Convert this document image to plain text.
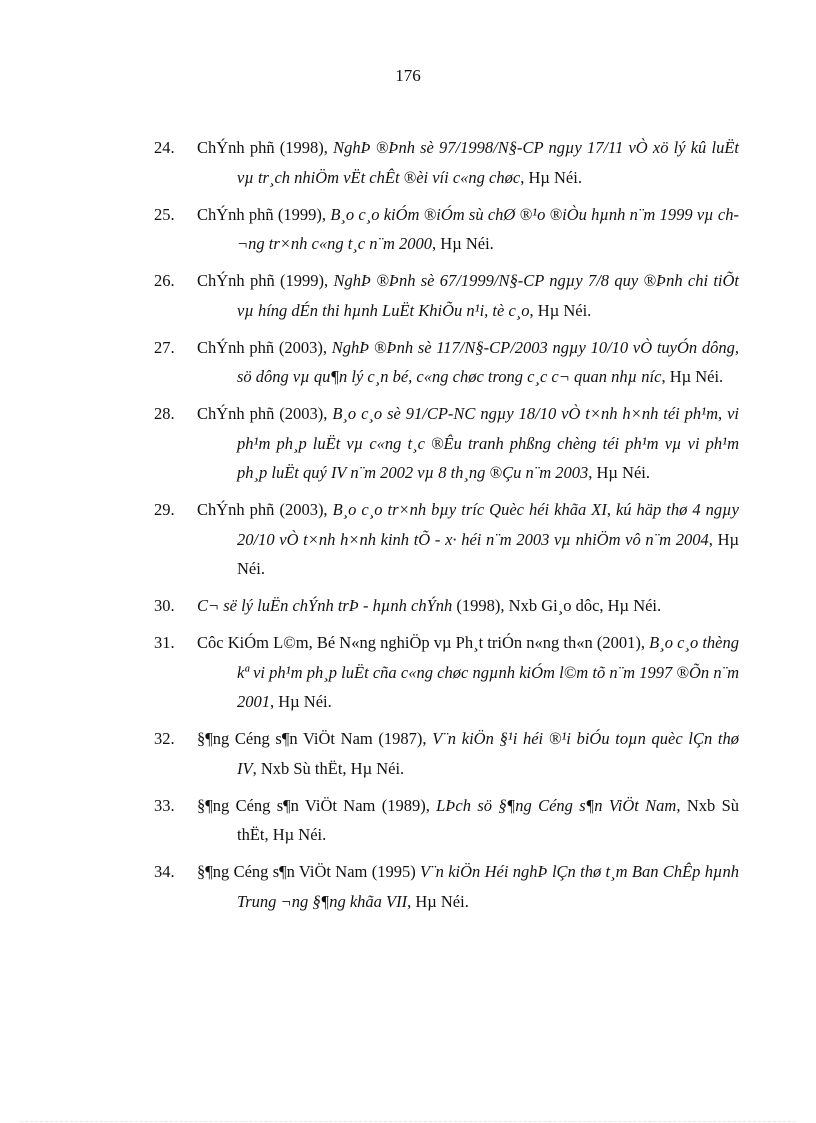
176
24.	ChÝnh phñ (1998), NghÞ ®Þnh sè 97/1998/N§-CP ngµy 17/11 vÒ xö lý kû luËt vµ tr¸ch nhiÖm vËt chÊt ®èi víi c«ng chøc, Hµ Néi.
25.	ChÝnh phñ (1999), B¸o c¸o kiÓm ®iÓm sù chØ ®¹o ®iÒu hµnh n¨m 1999 vµ ch¬ng tr×nh c«ng t¸c n¨m 2000, Hµ Néi.
26.	ChÝnh phñ (1999), NghÞ ®Þnh sè 67/1999/N§-CP ngµy 7/8 quy ®Þnh chi tiÕt vµ híng dÉn thi hµnh LuËt KhiÕu n¹i, tè c¸o, Hµ Néi.
27.	ChÝnh phñ (2003), NghÞ ®Þnh sè 117/N§-CP/2003 ngµy 10/10 vÒ tuyÓn dông, sö dông vµ qu¶n lý c¸n bé, c«ng chøc trong c¸c c¬ quan nhµ níc, Hµ Néi.
28.	ChÝnh phñ (2003), B¸o c¸o sè 91/CP-NC ngµy 18/10 vÒ t×nh h×nh téi ph¹m, vi ph¹m ph¸p luËt vµ c«ng t¸c ®Êu tranh phßng chèng téi ph¹m vµ vi ph¹m ph¸p luËt quý IV n¨m 2002 vµ 8 th¸ng ®Çu n¨m 2003, Hµ Néi.
29.	ChÝnh phñ (2003), B¸o c¸o tr×nh bµy tríc Quèc héi khãa XI, kú häp thø 4 ngµy 20/10 vÒ t×nh h×nh kinh tÕ - x· héi n¨m 2003 vµ nhiÖm vô n¨m 2004, Hµ Néi.
30.	C¬ së lý luËn chÝnh trÞ - hµnh chÝnh (1998), Nxb Gi¸o dôc, Hµ Néi.
31.	Côc KiÓm L©m, Bé N«ng nghiÖp vµ Ph¸t triÓn n«ng th«n (2001), B¸o c¸o thèng kª vi ph¹m ph¸p luËt cña c«ng chøc ngµnh kiÓm l©m tõ n¨m 1997 ®Õn n¨m 2001, Hµ Néi.
32.	§¶ng Céng s¶n ViÖt Nam (1987), V¨n kiÖn §¹i héi ®¹i biÓu toµn quèc lÇn thø IV, Nxb Sù thËt, Hµ Néi.
33.	§¶ng Céng s¶n ViÖt Nam (1989), LÞch sö §¶ng Céng s¶n ViÖt Nam, Nxb Sù thËt, Hµ Néi.
34.	§¶ng Céng s¶n ViÖt Nam (1995) V¨n kiÖn Héi nghÞ lÇn thø t¸m Ban ChÊp hµnh Trung ¬ng §¶ng khãa VII, Hµ Néi.
